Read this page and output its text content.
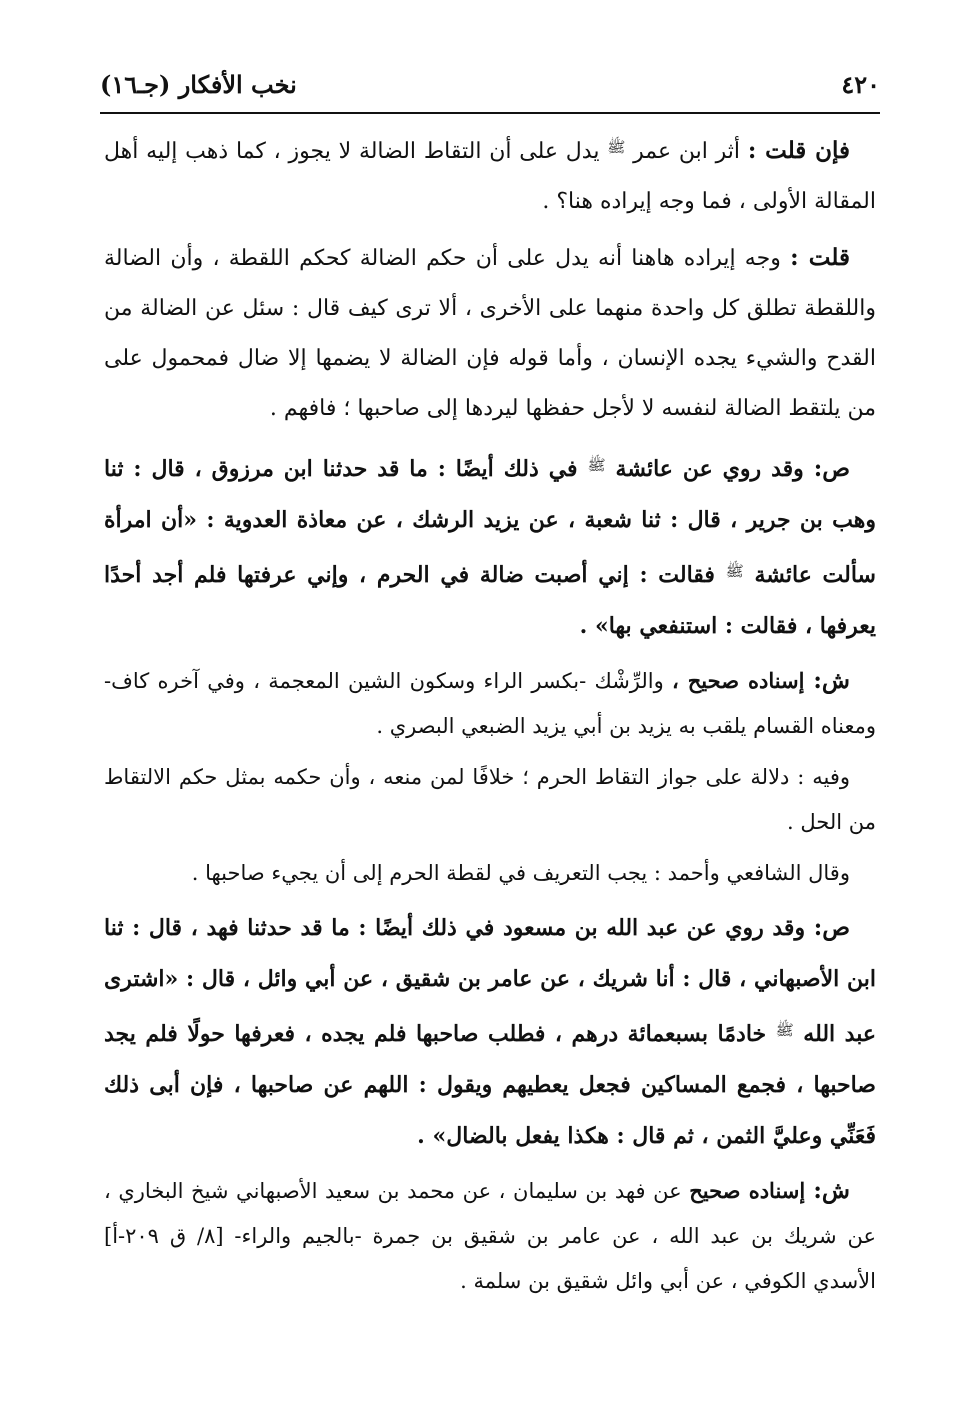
٤٢٠
نخب الأفكار (جـ١٦)

فإن قلت : أثر ابن عمر $^ﷺ$ يدل على أن التقاط الضالة لا يجوز ، كما ذهب إليه أهل المقالة الأولى ، فما وجه إيراده هنا؟ .

قلت : وجه إيراده هاهنا أنه يدل على أن حكم الضالة كحكم اللقطة ، وأن الضالة واللقطة تطلق كل واحدة منهما على الأخرى ، ألا ترى كيف قال : سئل عن الضالة من القدح والشيء يجده الإنسان ، وأما قوله فإن الضالة لا يضمها إلا ضال فمحمول على من يلتقط الضالة لنفسه لا لأجل حفظها ليردها إلى صاحبها ؛ فافهم .

ص: وقد روي عن عائشة $^ﷺ$ في ذلك أيضًا : ما قد حدثنا ابن مرزوق ، قال : ثنا وهب بن جرير ، قال : ثنا شعبة ، عن يزيد الرشك ، عن معاذة العدوية : «أن امرأة سألت عائشة $^ﷺ$ فقالت : إني أصبت ضالة في الحرم ، وإني عرفتها فلم أجد أحدًا يعرفها ، فقالت : استنفعي بها» .

ش: إسناده صحيح ، والرِّشْك -بكسر الراء وسكون الشين المعجمة ، وفي آخره كاف- ومعناه القسام يلقب به يزيد بن أبي يزيد الضبعي البصري .

وفيه : دلالة على جواز التقاط الحرم ؛ خلافًا لمن منعه ، وأن حكمه بمثل حكم الالتقاط من الحل .

وقال الشافعي وأحمد : يجب التعريف في لقطة الحرم إلى أن يجيء صاحبها .

ص: وقد روي عن عبد الله بن مسعود في ذلك أيضًا : ما قد حدثنا فهد ، قال : ثنا ابن الأصبهاني ، قال : أنا شريك ، عن عامر بن شقيق ، عن أبي وائل ، قال : «اشترى عبد الله $^ﷺ$ خادمًا بسبعمائة درهم ، فطلب صاحبها فلم يجده ، فعرفها حولًا فلم يجد صاحبها ، فجمع المساكين فجعل يعطيهم ويقول : اللهم عن صاحبها ، فإن أبى ذلك فَعَنِّي وعليَّ الثمن ، ثم قال : هكذا يفعل بالضال» .

ش: إسناده صحيح عن فهد بن سليمان ، عن محمد بن سعيد الأصبهاني شيخ البخاري ، عن شريك بن عبد الله ، عن عامر بن شقيق بن جمرة -بالجيم والراء- [٨/ ق ٢٠٩-أ] الأسدي الكوفي ، عن أبي وائل شقيق بن سلمة .
